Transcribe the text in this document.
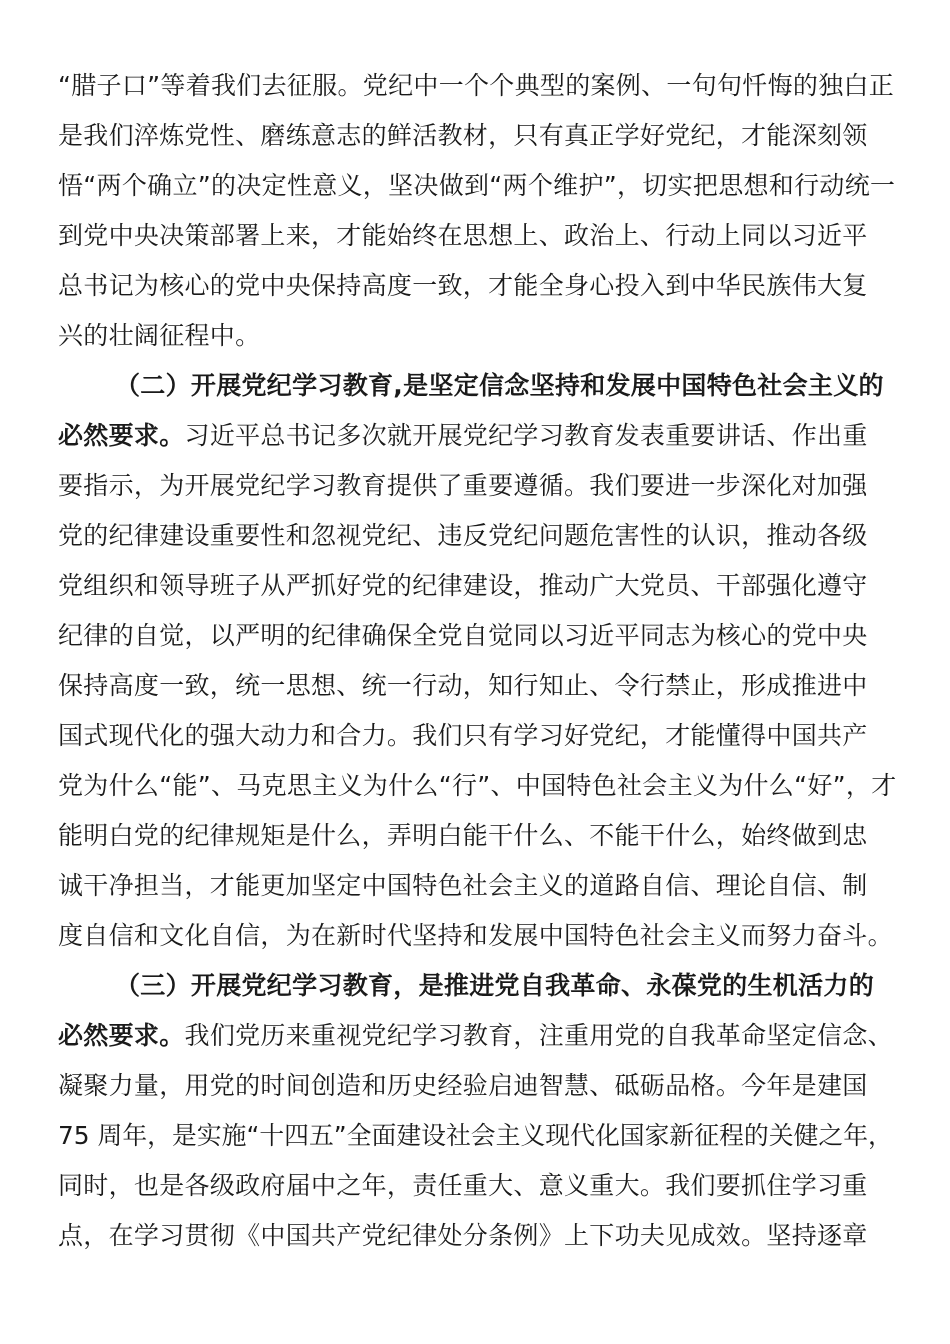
“腊子口”等着我们去征服。党纪中一个个典型的案例、一句句忏悔的独白正
是我们淬炼党性、磨练意志的鲜活教材，只有真正学好党纪，才能深刻领
悟“两个确立”的决定性意义，坚决做到“两个维护”，切实把思想和行动统一
到党中央决策部署上来，才能始终在思想上、政治上、行动上同以习近平
总书记为核心的党中央保持高度一致，才能全身心投入到中华民族伟大复
兴的壮阔征程中。
（二）开展党纪学习教育,是坚定信念坚持和发展中国特色社会主义的
必然要求。习近平总书记多次就开展党纪学习教育发表重要讲话、作出重
要指示，为开展党纪学习教育提供了重要遵循。我们要进一步深化对加强
党的纪律建设重要性和忽视党纪、违反党纪问题危害性的认识，推动各级
党组织和领导班子从严抓好党的纪律建设，推动广大党员、干部强化遵守
纪律的自觉，以严明的纪律确保全党自觉同以习近平同志为核心的党中央
保持高度一致，统一思想、统一行动，知行知止、令行禁止，形成推进中
国式现代化的强大动力和合力。我们只有学习好党纪，才能懂得中国共产
党为什么“能”、马克思主义为什么“行”、中国特色社会主义为什么“好”，才
能明白党的纪律规矩是什么，弄明白能干什么、不能干什么，始终做到忠
诚干净担当，才能更加坚定中国特色社会主义的道路自信、理论自信、制
度自信和文化自信，为在新时代坚持和发展中国特色社会主义而努力奋斗。
（三）开展党纪学习教育，是推进党自我革命、永葆党的生机活力的
必然要求。我们党历来重视党纪学习教育，注重用党的自我革命坚定信念、
凝聚力量，用党的时间创造和历史经验启迪智慧、砥砺品格。今年是建国
75 周年，是实施“十四五”全面建设社会主义现代化国家新征程的关健之年，
同时，也是各级政府届中之年，责任重大、意义重大。我们要抓住学习重
点，在学习贯彻《中国共产党纪律处分条例》上下功夫见成效。坚持逐章
